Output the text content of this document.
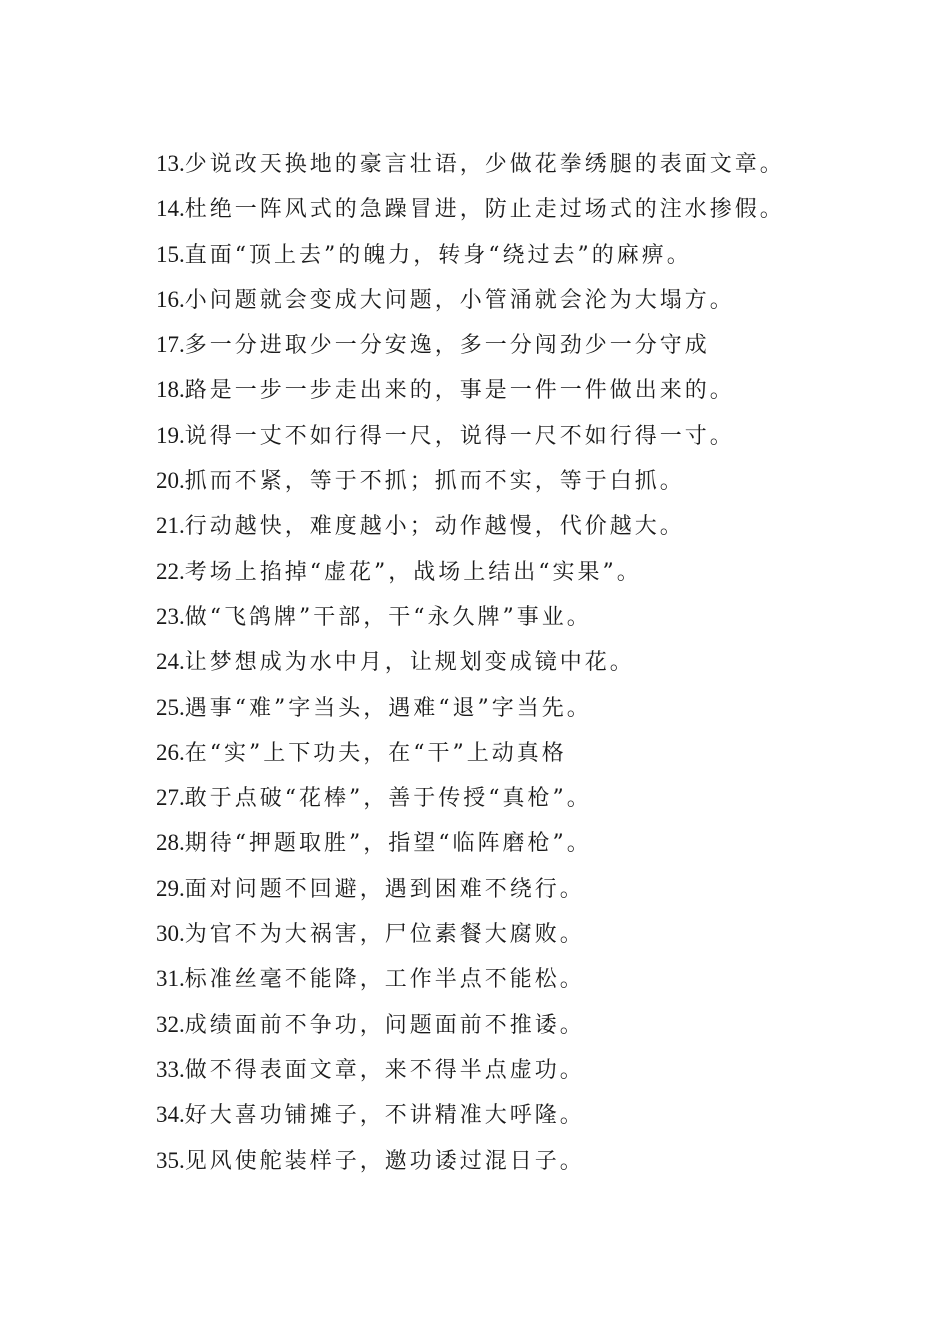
13.少说改天换地的豪言壮语，少做花拳绣腿的表面文章。
14.杜绝一阵风式的急躁冒进，防止走过场式的注水掺假。
15.直面“顶上去”的魄力，转身“绕过去”的麻痹。
16.小问题就会变成大问题，小管涌就会沦为大塌方。
17.多一分进取少一分安逸，多一分闯劲少一分守成
18.路是一步一步走出来的，事是一件一件做出来的。
19.说得一丈不如行得一尺，说得一尺不如行得一寸。
20.抓而不紧，等于不抓；抓而不实，等于白抓。
21.行动越快，难度越小；动作越慢，代价越大。
22.考场上掐掉“虚花”，战场上结出“实果”。
23.做“飞鸽牌”干部，干“永久牌”事业。
24.让梦想成为水中月，让规划变成镜中花。
25.遇事“难”字当头，遇难“退”字当先。
26.在“实”上下功夫，在“干”上动真格
27.敢于点破“花棒”，善于传授“真枪”。
28.期待“押题取胜”，指望“临阵磨枪”。
29.面对问题不回避，遇到困难不绕行。
30.为官不为大祸害，尸位素餐大腐败。
31.标准丝毫不能降，工作半点不能松。
32.成绩面前不争功，问题面前不推诿。
33.做不得表面文章，来不得半点虚功。
34.好大喜功铺摊子，不讲精准大呼隆。
35.见风使舵装样子，邀功诿过混日子。
